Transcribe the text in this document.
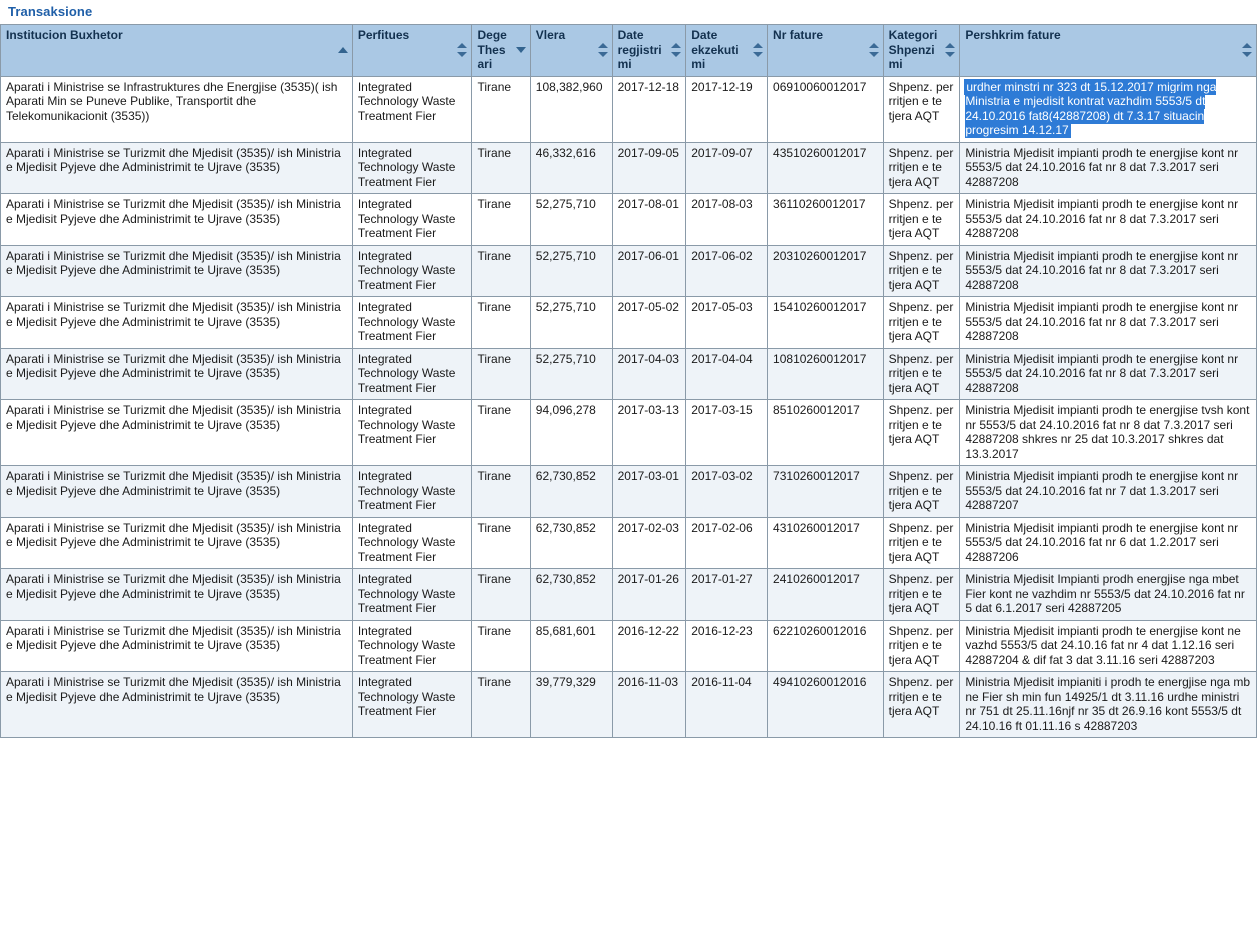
Transaksione
Institucion Buxhetor	Perfitues	Dege Thesari	Vlera	Date regjistrimi	Date ekzekutimi	Nr fature	Kategori Shpenzimi	Pershkrim fature

Aparati i Ministrise se Infrastruktures dhe Energjise (3535)( ish Aparati Min se Puneve Publike, Transportit dhe Telekomunikacionit (3535))	Integrated Technology Waste Treatment Fier	Tirane	108,382,960	2017-12-18	2017-12-19	06910060012017	Shpenz. per rritjen e te tjera AQT	urdher minstri nr 323 dt 15.12.2017 migrim nga Ministria e mjedisit kontrat vazhdim 5553/5 dt 24.10.2016 fat8(42887208) dt 7.3.17 situacin progresim 14.12.17
Aparati i Ministrise se Turizmit dhe Mjedisit (3535)/ ish Ministria e Mjedisit Pyjeve dhe Administrimit te Ujrave (3535)	Integrated Technology Waste Treatment Fier	Tirane	46,332,616	2017-09-05	2017-09-07	43510260012017	Shpenz. per rritjen e te tjera AQT	Ministria Mjedisit impianti prodh te energjise kont nr 5553/5 dat 24.10.2016 fat nr 8 dat 7.3.2017 seri 42887208
Aparati i Ministrise se Turizmit dhe Mjedisit (3535)/ ish Ministria e Mjedisit Pyjeve dhe Administrimit te Ujrave (3535)	Integrated Technology Waste Treatment Fier	Tirane	52,275,710	2017-08-01	2017-08-03	36110260012017	Shpenz. per rritjen e te tjera AQT	Ministria Mjedisit impianti prodh te energjise kont nr 5553/5 dat 24.10.2016 fat nr 8 dat 7.3.2017 seri 42887208
Aparati i Ministrise se Turizmit dhe Mjedisit (3535)/ ish Ministria e Mjedisit Pyjeve dhe Administrimit te Ujrave (3535)	Integrated Technology Waste Treatment Fier	Tirane	52,275,710	2017-06-01	2017-06-02	20310260012017	Shpenz. per rritjen e te tjera AQT	Ministria Mjedisit impianti prodh te energjise kont nr 5553/5 dat 24.10.2016 fat nr 8 dat 7.3.2017 seri 42887208
Aparati i Ministrise se Turizmit dhe Mjedisit (3535)/ ish Ministria e Mjedisit Pyjeve dhe Administrimit te Ujrave (3535)	Integrated Technology Waste Treatment Fier	Tirane	52,275,710	2017-05-02	2017-05-03	15410260012017	Shpenz. per rritjen e te tjera AQT	Ministria Mjedisit impianti prodh te energjise kont nr 5553/5 dat 24.10.2016 fat nr 8 dat 7.3.2017 seri 42887208
Aparati i Ministrise se Turizmit dhe Mjedisit (3535)/ ish Ministria e Mjedisit Pyjeve dhe Administrimit te Ujrave (3535)	Integrated Technology Waste Treatment Fier	Tirane	52,275,710	2017-04-03	2017-04-04	10810260012017	Shpenz. per rritjen e te tjera AQT	Ministria Mjedisit impianti prodh te energjise kont nr 5553/5 dat 24.10.2016 fat nr 8 dat 7.3.2017 seri 42887208
Aparati i Ministrise se Turizmit dhe Mjedisit (3535)/ ish Ministria e Mjedisit Pyjeve dhe Administrimit te Ujrave (3535)	Integrated Technology Waste Treatment Fier	Tirane	94,096,278	2017-03-13	2017-03-15	8510260012017	Shpenz. per rritjen e te tjera AQT	Ministria Mjedisit impianti prodh te energjise tvsh kont nr 5553/5 dat 24.10.2016 fat nr 8 dat 7.3.2017 seri 42887208 shkres nr 25 dat 10.3.2017 shkres dat 13.3.2017
Aparati i Ministrise se Turizmit dhe Mjedisit (3535)/ ish Ministria e Mjedisit Pyjeve dhe Administrimit te Ujrave (3535)	Integrated Technology Waste Treatment Fier	Tirane	62,730,852	2017-03-01	2017-03-02	7310260012017	Shpenz. per rritjen e te tjera AQT	Ministria Mjedisit impianti prodh te energjise kont nr 5553/5 dat 24.10.2016 fat nr 7 dat 1.3.2017 seri 42887207
Aparati i Ministrise se Turizmit dhe Mjedisit (3535)/ ish Ministria e Mjedisit Pyjeve dhe Administrimit te Ujrave (3535)	Integrated Technology Waste Treatment Fier	Tirane	62,730,852	2017-02-03	2017-02-06	4310260012017	Shpenz. per rritjen e te tjera AQT	Ministria Mjedisit impianti prodh te energjise kont nr 5553/5 dat 24.10.2016 fat nr 6 dat 1.2.2017 seri 42887206
Aparati i Ministrise se Turizmit dhe Mjedisit (3535)/ ish Ministria e Mjedisit Pyjeve dhe Administrimit te Ujrave (3535)	Integrated Technology Waste Treatment Fier	Tirane	62,730,852	2017-01-26	2017-01-27	2410260012017	Shpenz. per rritjen e te tjera AQT	Ministria Mjedisit Impianti prodh energjise nga mbet Fier kont ne vazhdim nr 5553/5 dat 24.10.2016 fat nr 5 dat 6.1.2017 seri 42887205
Aparati i Ministrise se Turizmit dhe Mjedisit (3535)/ ish Ministria e Mjedisit Pyjeve dhe Administrimit te Ujrave (3535)	Integrated Technology Waste Treatment Fier	Tirane	85,681,601	2016-12-22	2016-12-23	62210260012016	Shpenz. per rritjen e te tjera AQT	Ministria Mjedisit impianti prodh te energjise kont ne vazhd 5553/5 dat 24.10.16 fat nr 4 dat 1.12.16 seri 42887204 & dif fat 3 dat 3.11.16 seri 42887203
Aparati i Ministrise se Turizmit dhe Mjedisit (3535)/ ish Ministria e Mjedisit Pyjeve dhe Administrimit te Ujrave (3535)	Integrated Technology Waste Treatment Fier	Tirane	39,779,329	2016-11-03	2016-11-04	49410260012016	Shpenz. per rritjen e te tjera AQT	Ministria Mjedisit impianiti i prodh te energjise nga mb ne Fier sh min fun 14925/1 dt 3.11.16 urdhe ministri nr 751 dt 25.11.16njf nr 35 dt 26.9.16 kont 5553/5 dt 24.10.16 ft 01.11.16 s 42887203
